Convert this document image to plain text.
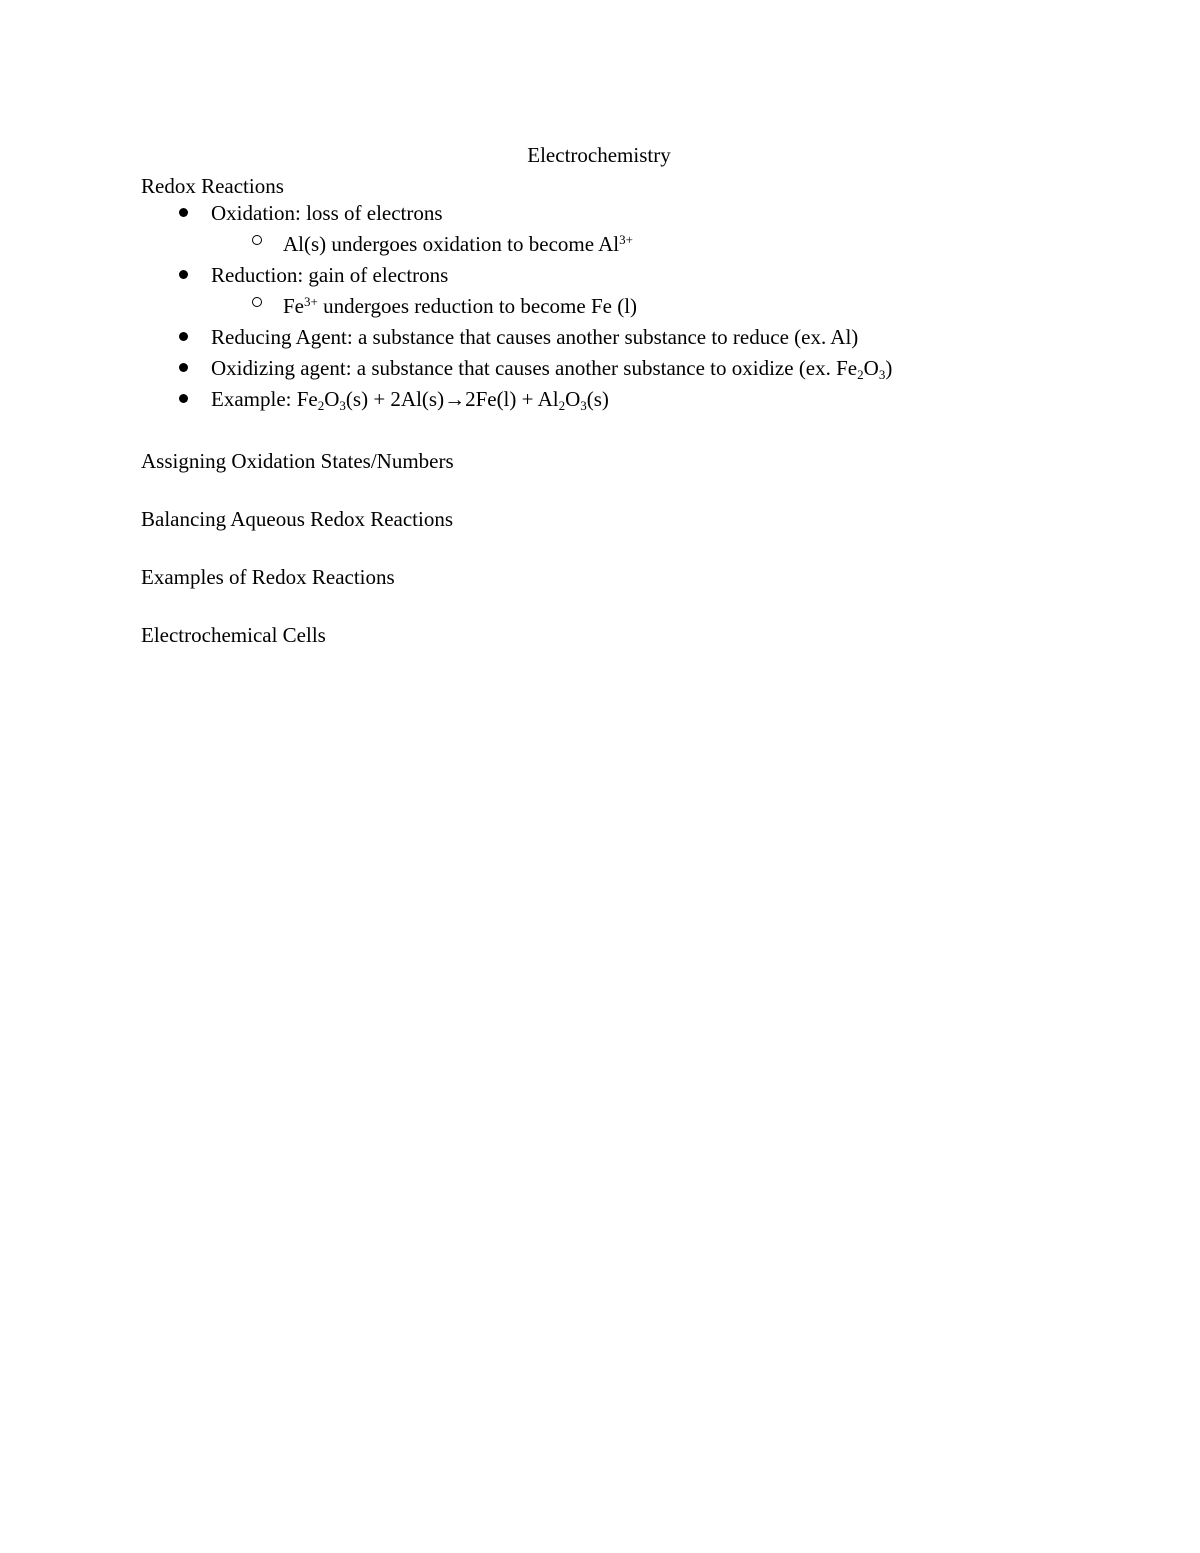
Electrochemistry
Redox Reactions
Oxidation: loss of electrons
Al(s) undergoes oxidation to become $Al^{3+}$
Reduction: gain of electrons
$Fe^{3+}$ undergoes reduction to become Fe (l)
Reducing Agent: a substance that causes another substance to reduce (ex. Al)
Oxidizing agent: a substance that causes another substance to oxidize (ex. $Fe_2O_3$)
Example: $Fe_2O_3(s) + 2Al(s)\to 2Fe(l) + Al_2O_3(s)$
Assigning Oxidation States/Numbers
Balancing Aqueous Redox Reactions
Examples of Redox Reactions
Electrochemical Cells
